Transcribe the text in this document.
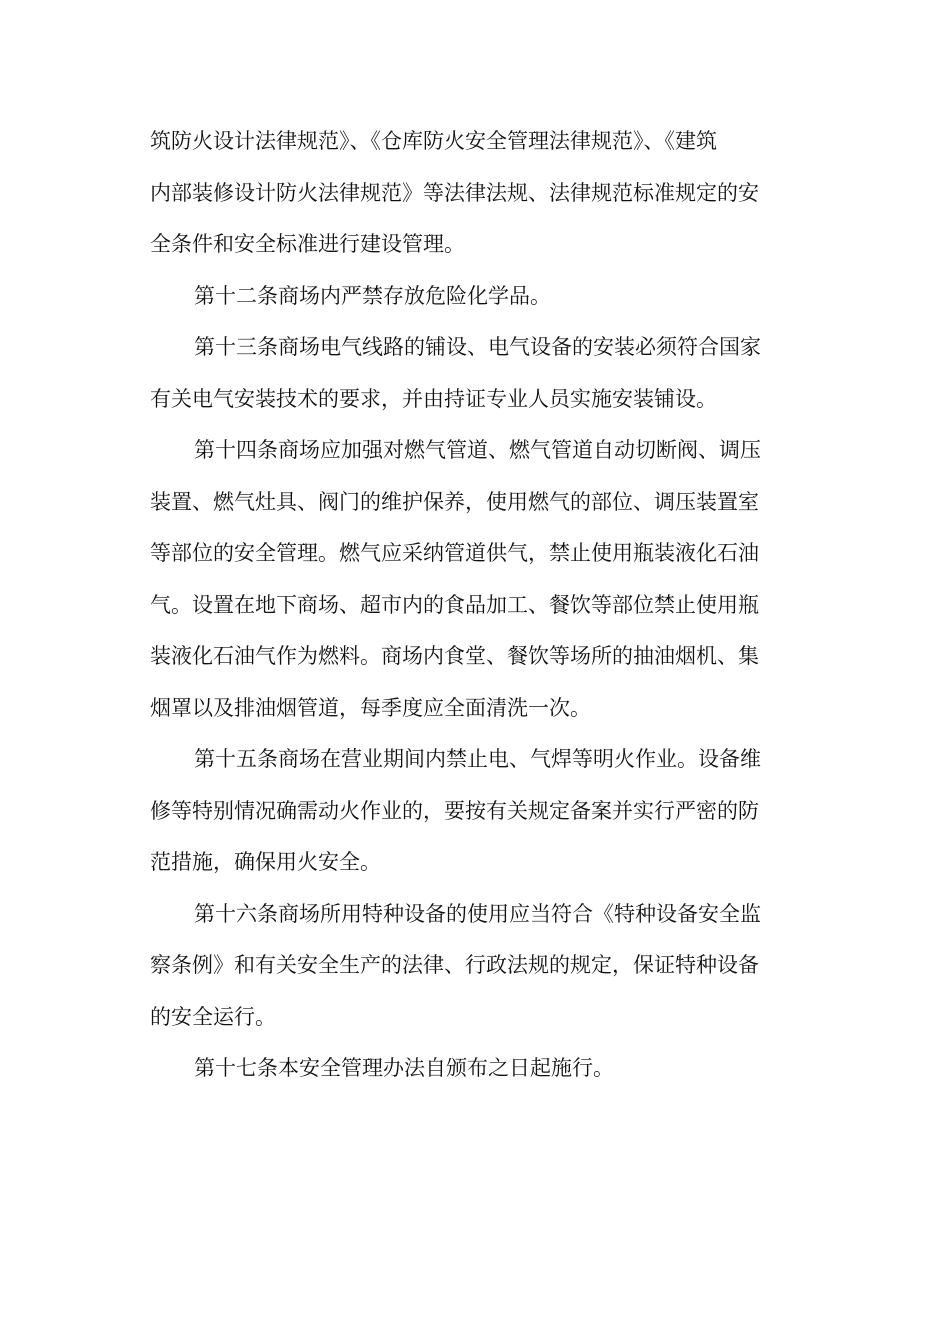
筑防火设计法律规范》、《仓库防火安全管理法律规范》、《建筑
内部装修设计防火法律规范》等法律法规、法律规范标准规定的安
全条件和安全标准进行建设管理。
第十二条商场内严禁存放危险化学品。
第十三条商场电气线路的铺设、电气设备的安装必须符合国家
有关电气安装技术的要求，并由持证专业人员实施安装铺设。
第十四条商场应加强对燃气管道、燃气管道自动切断阀、调压
装置、燃气灶具、阀门的维护保养，使用燃气的部位、调压装置室
等部位的安全管理。燃气应采纳管道供气，禁止使用瓶装液化石油
气。设置在地下商场、超市内的食品加工、餐饮等部位禁止使用瓶
装液化石油气作为燃料。商场内食堂、餐饮等场所的抽油烟机、集
烟罩以及排油烟管道，每季度应全面清洗一次。
第十五条商场在营业期间内禁止电、气焊等明火作业。设备维
修等特别情况确需动火作业的，要按有关规定备案并实行严密的防
范措施，确保用火安全。
第十六条商场所用特种设备的使用应当符合《特种设备安全监
察条例》和有关安全生产的法律、行政法规的规定，保证特种设备
的安全运行。
第十七条本安全管理办法自颁布之日起施行。
